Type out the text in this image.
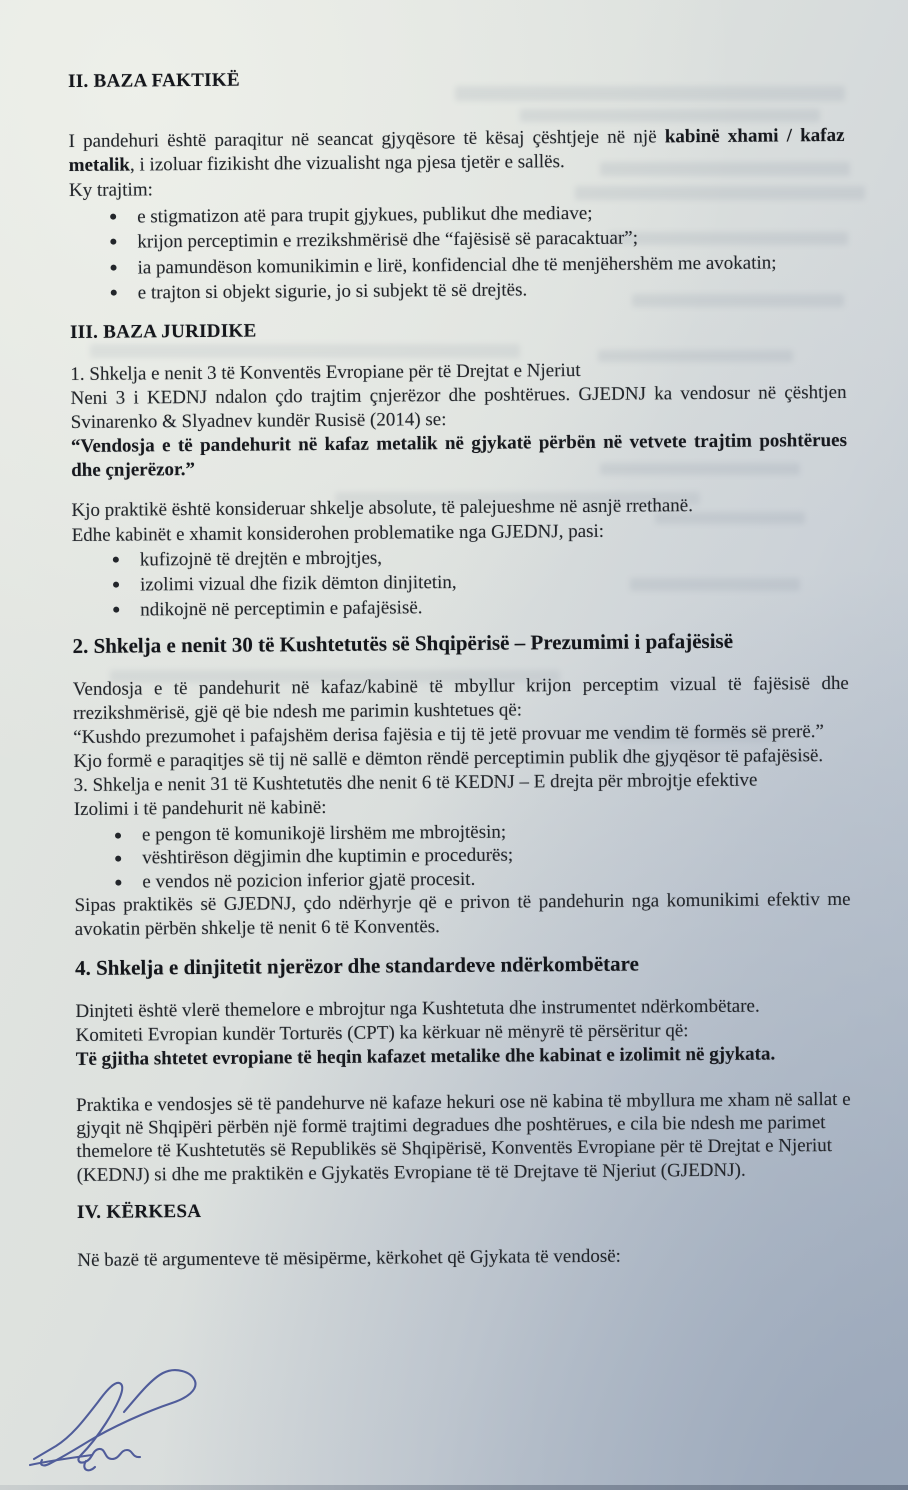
II. BAZA FAKTIKË

I pandehuri është paraqitur në seancat gjyqësore të kësaj çështjeje në një kabinë xhami / kafaz metalik, i izoluar fizikisht dhe vizualisht nga pjesa tjetër e sallës.

Ky trajtim:

e stigmatizon atë para trupit gjykues, publikut dhe mediave;
krijon perceptimin e rrezikshmërisë dhe “fajësisë së paracaktuar”;
ia pamundëson komunikimin e lirë, konfidencial dhe të menjëhershëm me avokatin;
e trajton si objekt sigurie, jo si subjekt të së drejtës.

III. BAZA JURIDIKE

1. Shkelja e nenit 3 të Konventës Evropiane për të Drejtat e Njeriut

Neni 3 i KEDNJ ndalon çdo trajtim çnjerëzor dhe poshtërues. GJEDNJ ka vendosur në çështjen Svinarenko & Slyadnev kundër Rusisë (2014) se:

“Vendosja e të pandehurit në kafaz metalik në gjykatë përbën në vetvete trajtim poshtërues dhe çnjerëzor.”

Kjo praktikë është konsideruar shkelje absolute, të palejueshme në asnjë rrethanë.

Edhe kabinët e xhamit konsiderohen problematike nga GJEDNJ, pasi:

kufizojnë të drejtën e mbrojtjes,
izolimi vizual dhe fizik dëmton dinjitetin,
ndikojnë në perceptimin e pafajësisë.

2. Shkelja e nenit 30 të Kushtetutës së Shqipërisë – Prezumimi i pafajësisë

Vendosja e të pandehurit në kafaz/kabinë të mbyllur krijon perceptim vizual të fajësisë dhe rrezikshmërisë, gjë që bie ndesh me parimin kushtetues që:

“Kushdo prezumohet i pafajshëm derisa fajësia e tij të jetë provuar me vendim të formës së prerë.”

Kjo formë e paraqitjes së tij në sallë e dëmton rëndë perceptimin publik dhe gjyqësor të pafajësisë.

3. Shkelja e nenit 31 të Kushtetutës dhe nenit 6 të KEDNJ – E drejta për mbrojtje efektive

Izolimi i të pandehurit në kabinë:

e pengon të komunikojë lirshëm me mbrojtësin;
vështirëson dëgjimin dhe kuptimin e procedurës;
e vendos në pozicion inferior gjatë procesit.

Sipas praktikës së GJEDNJ, çdo ndërhyrje që e privon të pandehurin nga komunikimi efektiv me avokatin përbën shkelje të nenit 6 të Konventës.

4. Shkelja e dinjitetit njerëzor dhe standardeve ndërkombëtare

Dinjteti është vlerë themelore e mbrojtur nga Kushtetuta dhe instrumentet ndërkombëtare.

Komiteti Evropian kundër Torturës (CPT) ka kërkuar në mënyrë të përsëritur që:

Të gjitha shtetet evropiane të heqin kafazet metalike dhe kabinat e izolimit në gjykata.

Praktika e vendosjes së të pandehurve në kafaze hekuri ose në kabina të mbyllura me xham në sallat e gjyqit në Shqipëri përbën një formë trajtimi degradues dhe poshtërues, e cila bie ndesh me parimet themelore të Kushtetutës së Republikës së Shqipërisë, Konventës Evropiane për të Drejtat e Njeriut (KEDNJ) si dhe me praktikën e Gjykatës Evropiane të të Drejtave të Njeriut (GJEDNJ).

IV. KËRKESA

Në bazë të argumenteve të mësipërme, kërkohet që Gjykata të vendosë:
